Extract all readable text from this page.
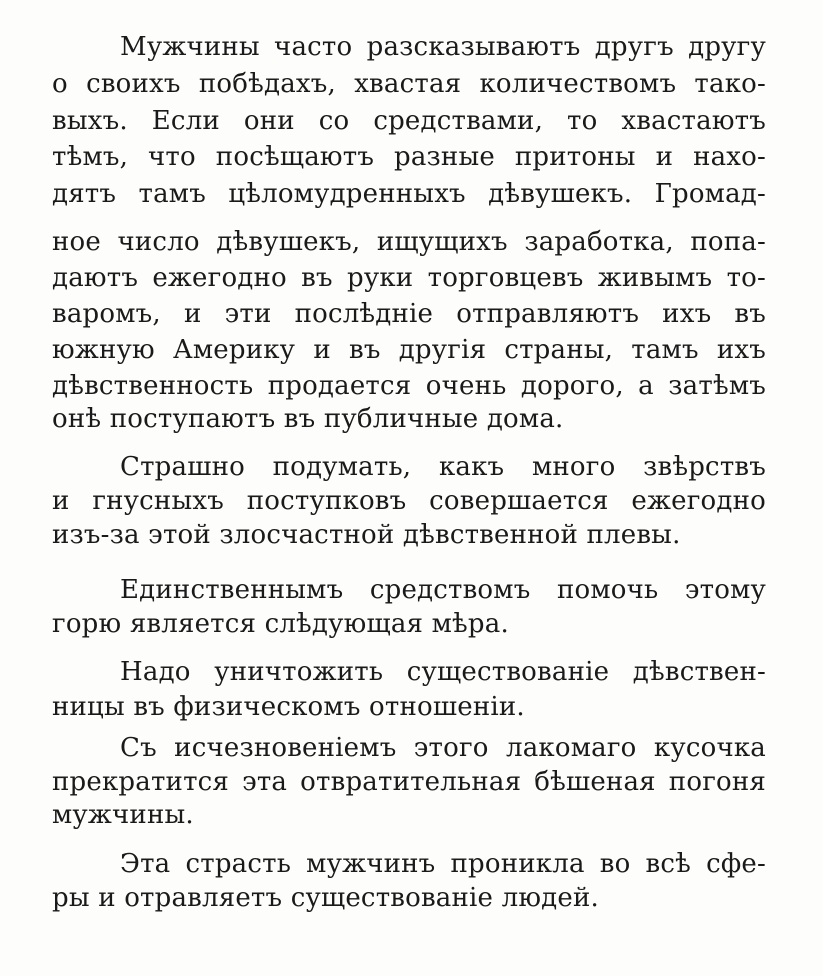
Мужчины часто разсказываютъ другъ другу

о своихъ побѣдахъ, хвастая количествомъ тако-

выхъ. Если они со средствами, то хвастаютъ

тѣмъ, что посѣщаютъ разные притоны и нахо-

дятъ тамъ цѣломудренныхъ дѣвушекъ. Громад-

ное число дѣвушекъ, ищущихъ заработка, попа-

даютъ ежегодно въ руки торговцевъ живымъ то-

варомъ, и эти послѣдніе отправляютъ ихъ въ

южную Америку и въ другія страны, тамъ ихъ

дѣвственность продается очень дорого, а затѣмъ

онѣ поступаютъ въ публичные дома.

Страшно подумать, какъ много звѣрствъ

и гнусныхъ поступковъ совершается ежегодно

изъ-за этой злосчастной дѣвственной плевы.

Единственнымъ средствомъ помочь этому

горю является слѣдующая мѣра.

Надо уничтожить существованіе дѣвствен-

ницы въ физическомъ отношеніи.

Съ исчезновеніемъ этого лакомаго кусочка

прекратится эта отвратительная бѣшеная погоня

мужчины.

Эта страсть мужчинъ проникла во всѣ сфе-

ры и отравляетъ существованіе людей.
